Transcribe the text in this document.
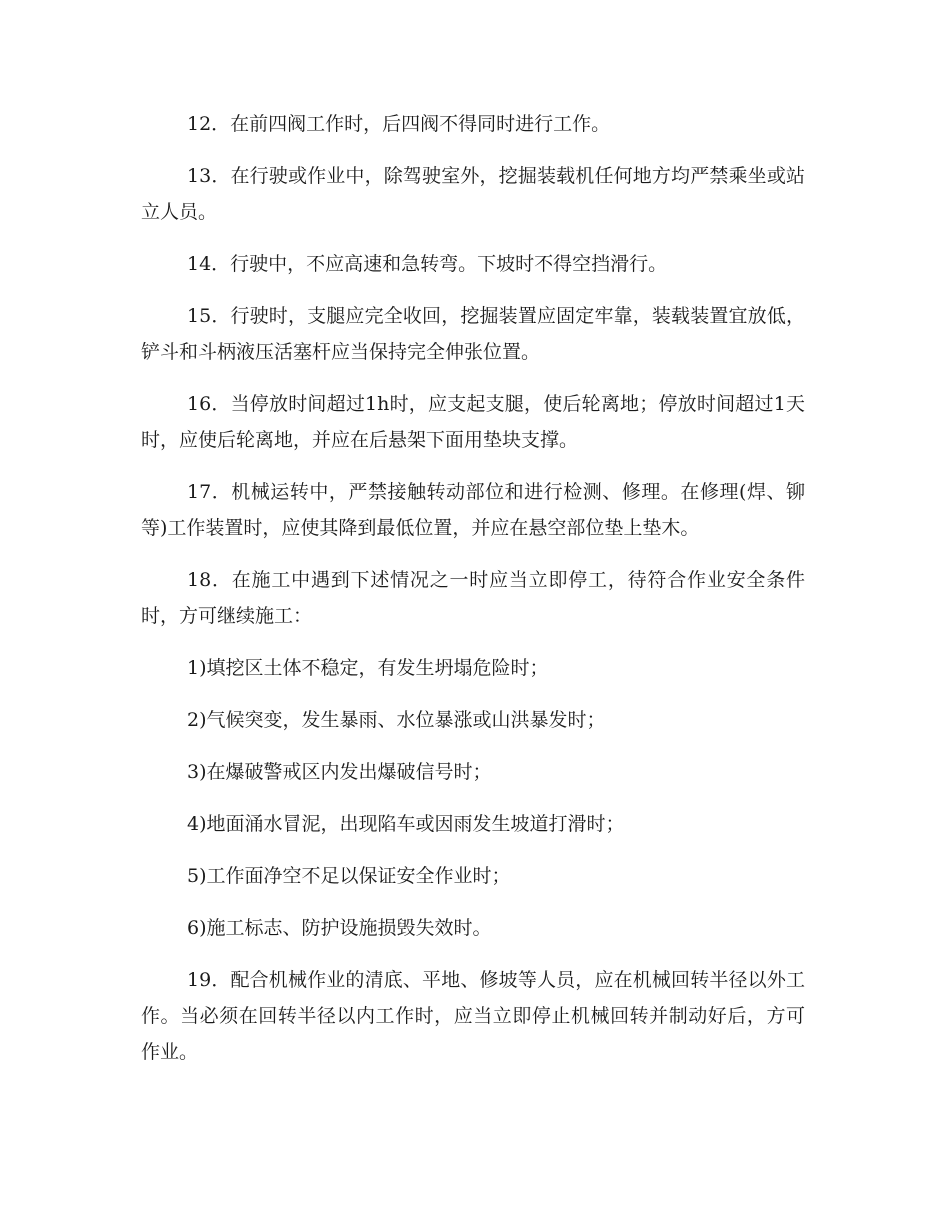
12．在前四阀工作时，后四阀不得同时进行工作。

13．在行驶或作业中，除驾驶室外，挖掘装载机任何地方均严禁乘坐或站立人员。

14．行驶中，不应高速和急转弯。下坡时不得空挡滑行。

15．行驶时，支腿应完全收回，挖掘装置应固定牢靠，装载装置宜放低，铲斗和斗柄液压活塞杆应当保持完全伸张位置。

16．当停放时间超过1h时，应支起支腿，使后轮离地；停放时间超过1天时，应使后轮离地，并应在后悬架下面用垫块支撑。

17．机械运转中，严禁接触转动部位和进行检测、修理。在修理(焊、铆等)工作装置时，应使其降到最低位置，并应在悬空部位垫上垫木。

18．在施工中遇到下述情况之一时应当立即停工，待符合作业安全条件时，方可继续施工：

1)填挖区土体不稳定，有发生坍塌危险时；

2)气候突变，发生暴雨、水位暴涨或山洪暴发时；

3)在爆破警戒区内发出爆破信号时；

4)地面涌水冒泥，出现陷车或因雨发生坡道打滑时；

5)工作面净空不足以保证安全作业时；

6)施工标志、防护设施损毁失效时。

19．配合机械作业的清底、平地、修坡等人员，应在机械回转半径以外工作。当必须在回转半径以内工作时，应当立即停止机械回转并制动好后，方可作业。
